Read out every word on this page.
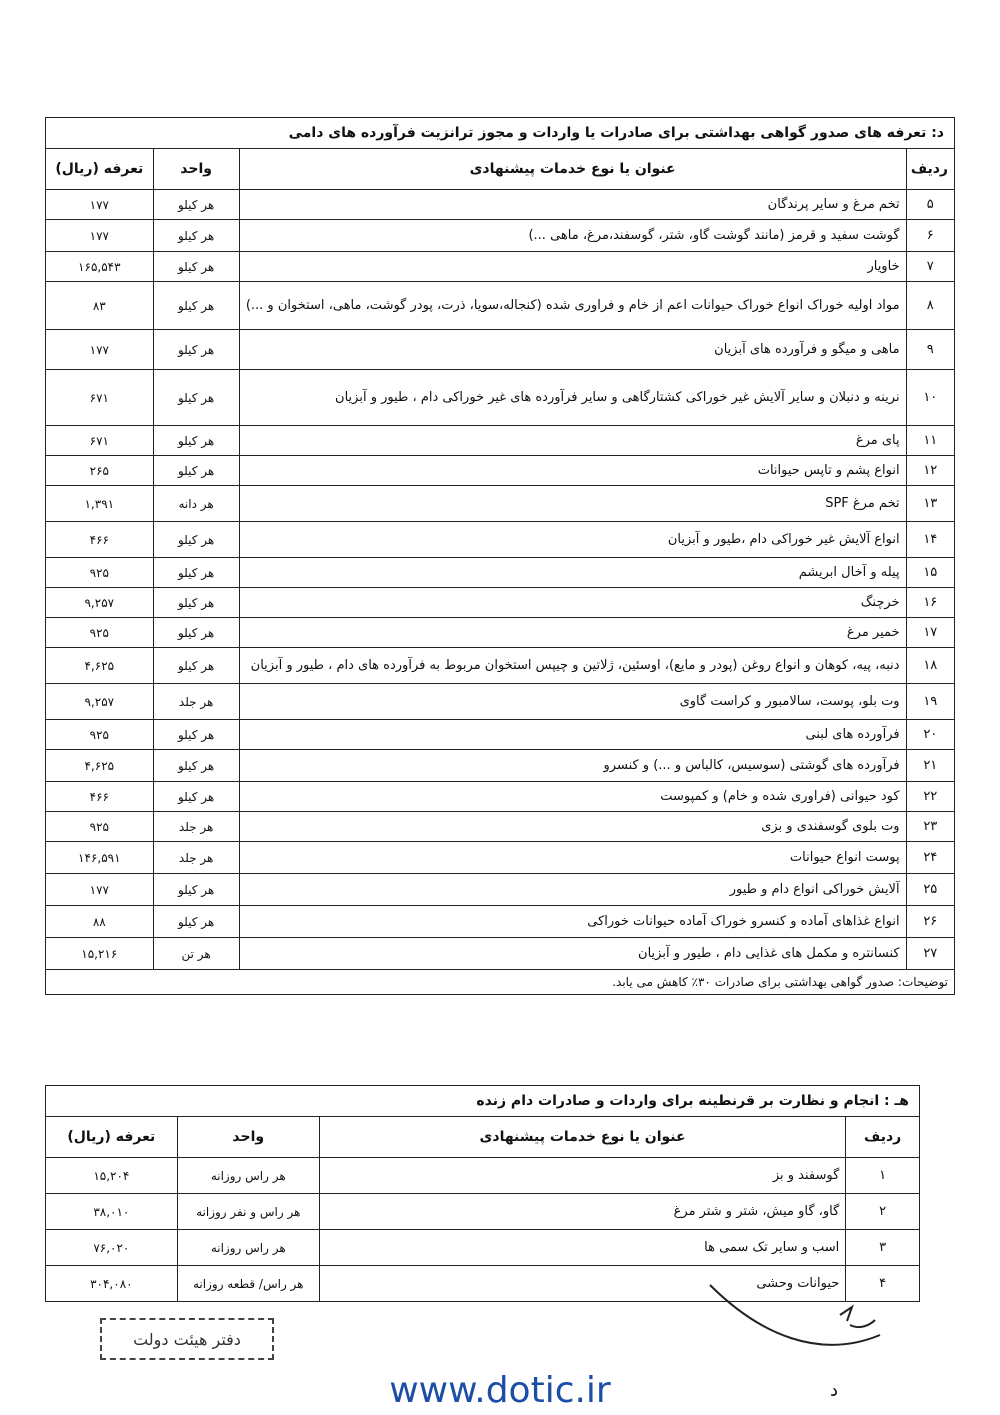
د: تعرفه های صدور گواهی بهداشتی برای صادرات یا واردات و مجوز ترانزیت فرآورده های دامی			
ردیف	عنوان یا نوع خدمات پیشنهادی	واحد	تعرفه (ریال)
۵	تخم مرغ و سایر پرندگان	هر کیلو	۱۷۷
۶	گوشت سفید و قرمز (مانند گوشت گاو، شتر، گوسفند،مرغ، ماهی ...)	هر کیلو	۱۷۷
۷	خاویار	هر کیلو	۱۶۵,۵۴۳
۸	مواد اولیه خوراک انواع خوراک حیوانات اعم از خام و فراوری شده (کنجاله،سویا، ذرت، پودر گوشت، ماهی، استخوان و ...)	هر کیلو	۸۳
۹	ماهی و میگو و فرآورده های آبزیان	هر کیلو	۱۷۷
۱۰	نرینه و دنبلان و سایر آلایش غیر خوراکی کشتارگاهی و سایر فرآورده های غیر خوراکی دام ، طیور و آبزیان	هر کیلو	۶۷۱
۱۱	پای مرغ	هر کیلو	۶۷۱
۱۲	انواع پشم و تاپس حیوانات	هر کیلو	۲۶۵
۱۳	تخم مرغ SPF	هر دانه	۱,۳۹۱
۱۴	انواع آلایش غیر خوراکی دام ،طیور و آبزیان	هر کیلو	۴۶۶
۱۵	پیله و آخال ابریشم	هر کیلو	۹۲۵
۱۶	خرچنگ	هر کیلو	۹,۲۵۷
۱۷	خمیر مرغ	هر کیلو	۹۲۵
۱۸	دنبه، پیه، کوهان و انواع روغن (پودر و مایع)، اوسئین، ژلاتین و چیپس استخوان مربوط به فرآورده های دام ، طیور و آبزیان	هر کیلو	۴,۶۲۵
۱۹	وت بلو، پوست، سالامبور و کراست گاوی	هر جلد	۹,۲۵۷
۲۰	فرآورده های لبنی	هر کیلو	۹۲۵
۲۱	فرآورده های گوشتی (سوسیس، کالباس و ...) و کنسرو	هر کیلو	۴,۶۲۵
۲۲	کود حیوانی (فراوری شده و خام) و کمپوست	هر کیلو	۴۶۶
۲۳	وت بلوی گوسفندی و بزی	هر جلد	۹۲۵
۲۴	پوست انواع حیوانات	هر جلد	۱۴۶,۵۹۱
۲۵	آلایش خوراکی انواع دام و طیور	هر کیلو	۱۷۷
۲۶	انواع غذاهای آماده و کنسرو خوراک آماده حیوانات خوراکی	هر کیلو	۸۸
۲۷	کنسانتره و مکمل های غذایی دام ، طیور و آبزیان	هر تن	۱۵,۲۱۶
توضیحات: صدور گواهی بهداشتی برای صادرات ۳۰٪ کاهش می یابد.			
هـ : انجام و نظارت بر قرنطینه برای واردات و صادرات دام زنده			
ردیف	عنوان یا نوع خدمات پیشنهادی	واحد	تعرفه (ریال)
۱	گوسفند و بز	هر راس روزانه	۱۵,۲۰۴
۲	گاو، گاو میش، شتر و شتر مرغ	هر راس و نفر روزانه	۳۸,۰۱۰
۳	اسب و سایر تک سمی ها	هر راس روزانه	۷۶,۰۲۰
۴	حیوانات وحشی	هر راس/ قطعه روزانه	۳۰۴,۰۸۰
دفتر هیئت دولت
www.dotic.ir	د
